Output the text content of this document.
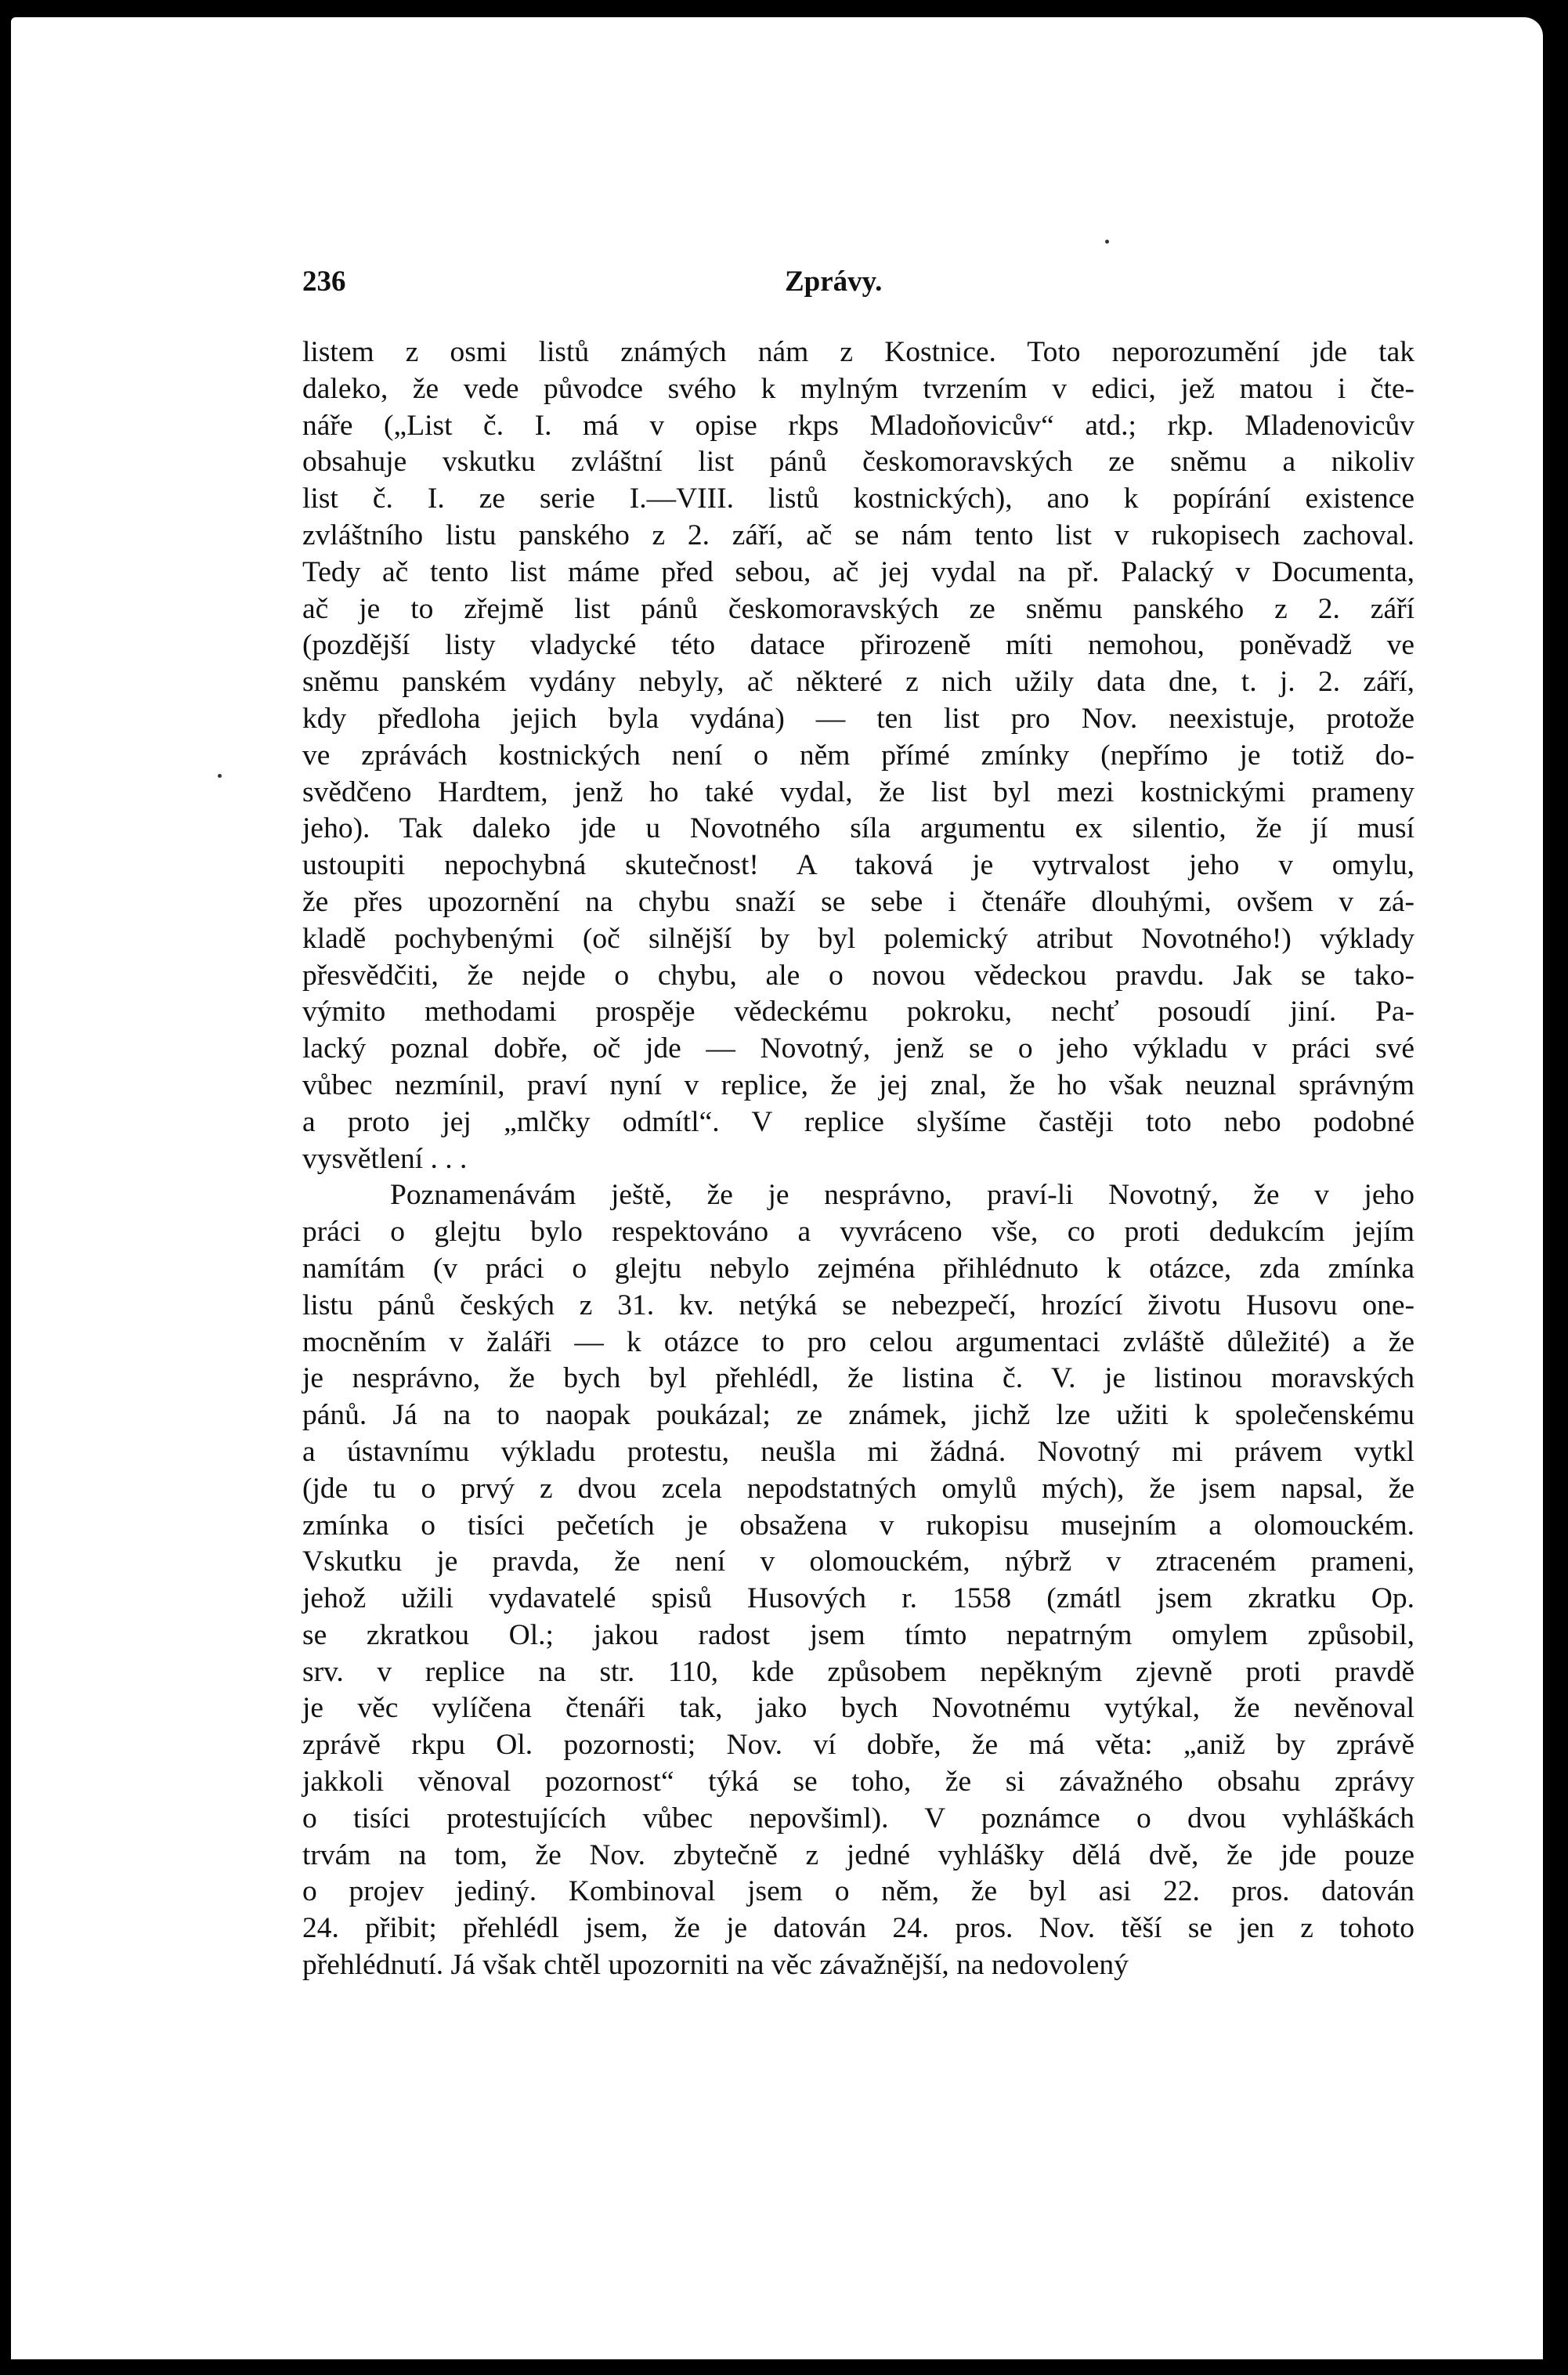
236	Zprávy.
listem z osmi listů známých nám z Kostnice. Toto neporozumění jde tak
daleko, že vede původce svého k mylným tvrzením v edici, jež matou i čte-
náře („List č. I. má v opise rkps Mladoňovicův“ atd.; rkp. Mladenovicův
obsahuje vskutku zvláštní list pánů českomoravských ze sněmu a nikoliv
list č. I. ze serie I.—VIII. listů kostnických), ano k popírání existence
zvláštního listu panského z 2. září, ač se nám tento list v rukopisech zachoval.
Tedy ač tento list máme před sebou, ač jej vydal na př. Palacký v Documenta,
ač je to zřejmě list pánů českomoravských ze sněmu panského z 2. září
(pozdější listy vladycké této datace přirozeně míti nemohou, poněvadž ve
sněmu panském vydány nebyly, ač některé z nich užily data dne, t. j. 2. září,
kdy předloha jejich byla vydána) — ten list pro Nov. neexistuje, protože
ve zprávách kostnických není o něm přímé zmínky (nepřímo je totiž do-
svědčeno Hardtem, jenž ho také vydal, že list byl mezi kostnickými prameny
jeho). Tak daleko jde u Novotného síla argumentu ex silentio, že jí musí
ustoupiti nepochybná skutečnost! A taková je vytrvalost jeho v omylu,
že přes upozornění na chybu snaží se sebe i čtenáře dlouhými, ovšem v zá-
kladě pochybenými (oč silnější by byl polemický atribut Novotného!) výklady
přesvědčiti, že nejde o chybu, ale o novou vědeckou pravdu. Jak se tako-
výmito methodami prospěje vědeckému pokroku, nechť posoudí jiní. Pa-
lacký poznal dobře, oč jde — Novotný, jenž se o jeho výkladu v práci své
vůbec nezmínil, praví nyní v replice, že jej znal, že ho však neuznal správným
a proto jej „mlčky odmítl“. V replice slyšíme častěji toto nebo podobné
vysvětlení . . .
Poznamenávám ještě, že je nesprávno, praví-li Novotný, že v jeho
práci o glejtu bylo respektováno a vyvráceno vše, co proti dedukcím jejím
namítám (v práci o glejtu nebylo zejména přihlédnuto k otázce, zda zmínka
listu pánů českých z 31. kv. netýká se nebezpečí, hrozící životu Husovu one-
mocněním v žaláři — k otázce to pro celou argumentaci zvláště důležité) a že
je nesprávno, že bych byl přehlédl, že listina č. V. je listinou moravských
pánů. Já na to naopak poukázal; ze známek, jichž lze užiti k společenskému
a ústavnímu výkladu protestu, neušla mi žádná. Novotný mi právem vytkl
(jde tu o prvý z dvou zcela nepodstatných omylů mých), že jsem napsal, že
zmínka o tisíci pečetích je obsažena v rukopisu musejním a olomouckém.
Vskutku je pravda, že není v olomouckém, nýbrž v ztraceném prameni,
jehož užili vydavatelé spisů Husových r. 1558 (zmátl jsem zkratku Op.
se zkratkou Ol.; jakou radost jsem tímto nepatrným omylem způsobil,
srv. v replice na str. 110, kde způsobem nepěkným zjevně proti pravdě
je věc vylíčena čtenáři tak, jako bych Novotnému vytýkal, že nevěnoval
zprávě rkpu Ol. pozornosti; Nov. ví dobře, že má věta: „aniž by zprávě
jakkoli věnoval pozornost“ týká se toho, že si závažného obsahu zprávy
o tisíci protestujících vůbec nepovšiml). V poznámce o dvou vyhláškách
trvám na tom, že Nov. zbytečně z jedné vyhlášky dělá dvě, že jde pouze
o projev jediný. Kombinoval jsem o něm, že byl asi 22. pros. datován
24. přibit; přehlédl jsem, že je datován 24. pros. Nov. těší se jen z tohoto
přehlédnutí. Já však chtěl upozorniti na věc závažnější, na nedovolený
